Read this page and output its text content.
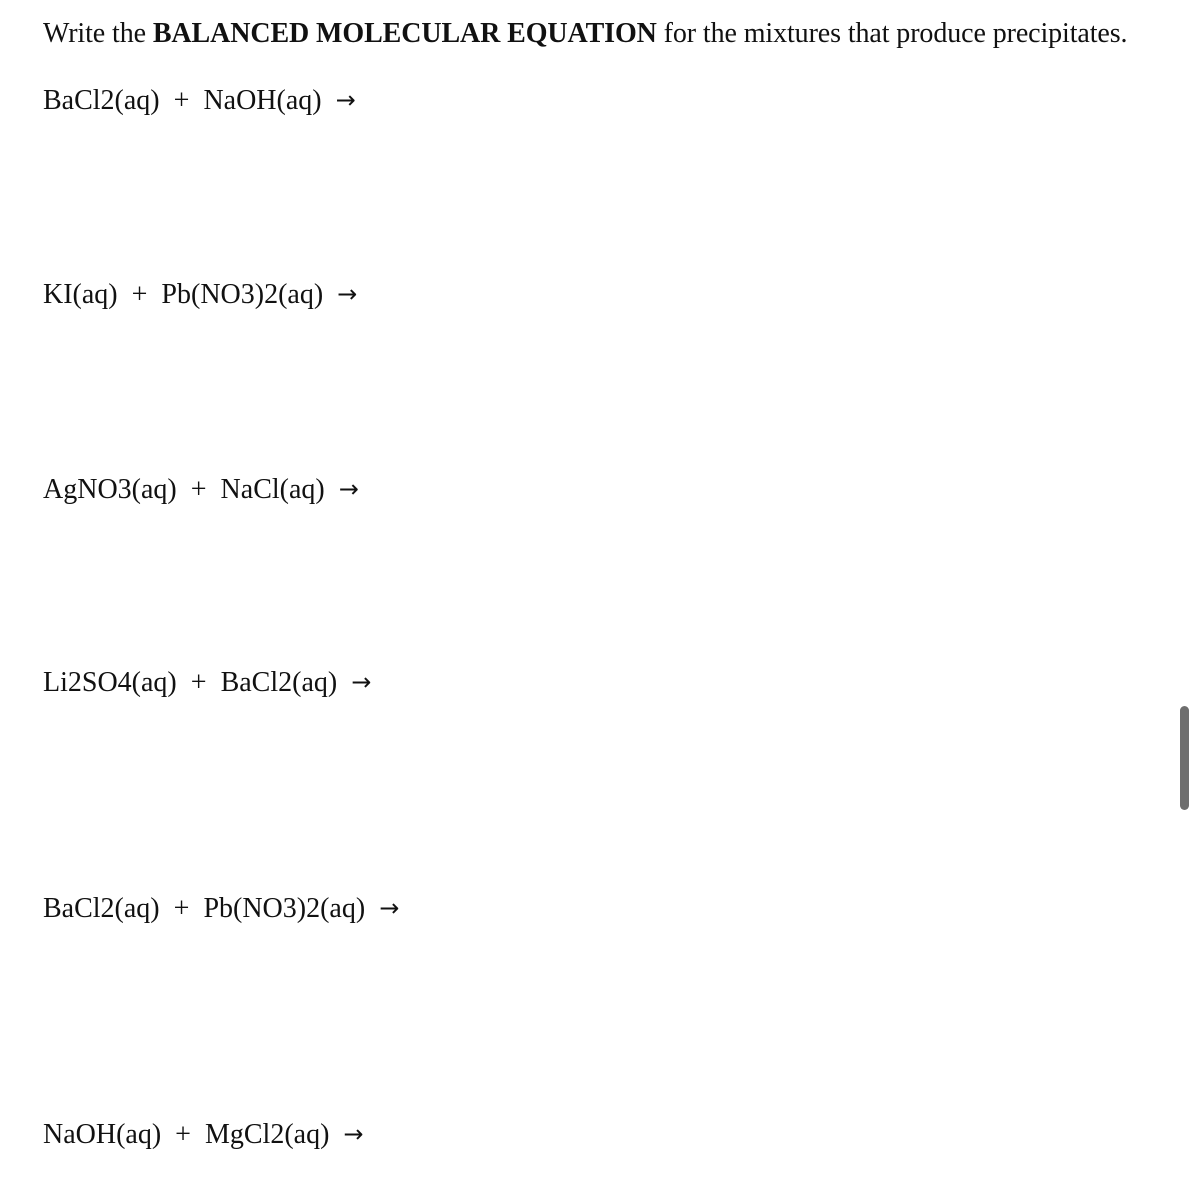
Write the BALANCED MOLECULAR EQUATION for the mixtures that produce precipitates.
BaCl2(aq) + NaOH(aq) →
KI(aq) + Pb(NO3)2(aq) →
AgNO3(aq) + NaCl(aq) →
Li2SO4(aq) + BaCl2(aq) →
BaCl2(aq) + Pb(NO3)2(aq) →
NaOH(aq) + MgCl2(aq) →
